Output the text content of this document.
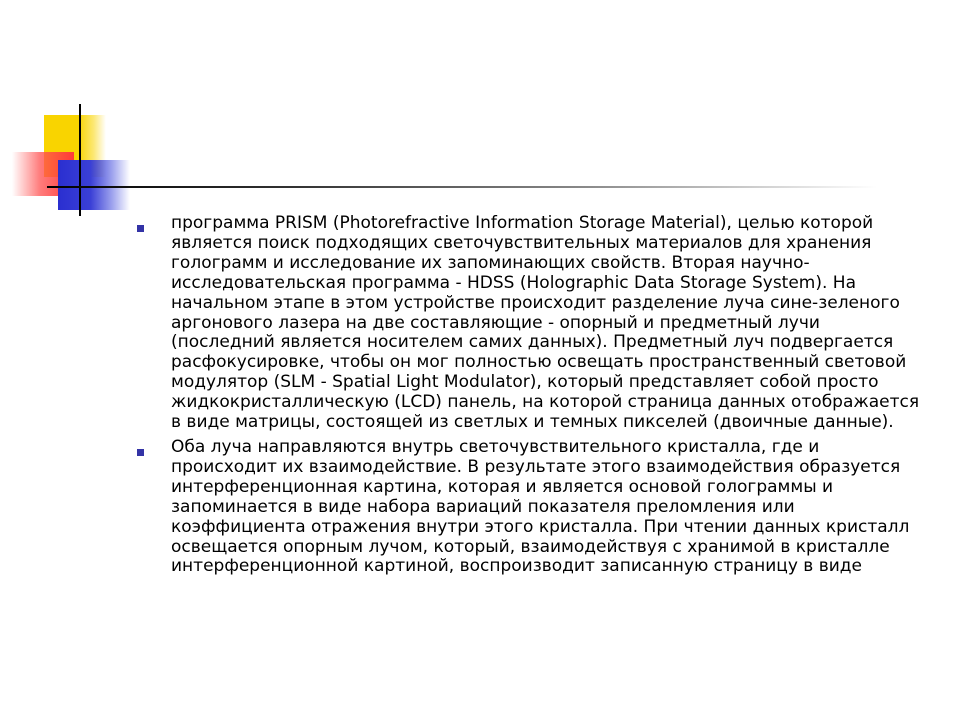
программа PRISM (Photorefractive Information Storage Material), целью которой является поиск подходящих светочувствительных материалов для хранения голограмм и исследование их запоминающих свойств. Вторая научно-исследовательская программа - HDSS (Holographic Data Storage System). На начальном этапе в этом устройстве происходит разделение луча сине-зеленого аргонового лазера на две составляющие - опорный и предметный лучи (последний является носителем самих данных). Предметный луч подвергается расфокусировке, чтобы он мог полностью освещать пространственный световой модулятор (SLM - Spatial Light Modulator), который представляет собой просто жидкокристаллическую (LCD) панель, на которой страница данных отображается в виде матрицы, состоящей из светлых и темных пикселей (двоичные данные).

Оба луча направляются внутрь светочувствительного кристалла, где и происходит их взаимодействие. В результате этого взаимодействия образуется интерференционная картина, которая и является основой голограммы и запоминается в виде набора вариаций показателя преломления или коэффициента отражения внутри этого кристалла. При чтении данных кристалл освещается опорным лучом, который, взаимодействуя с хранимой в кристалле интерференционной картиной, воспроизводит записанную страницу в виде
